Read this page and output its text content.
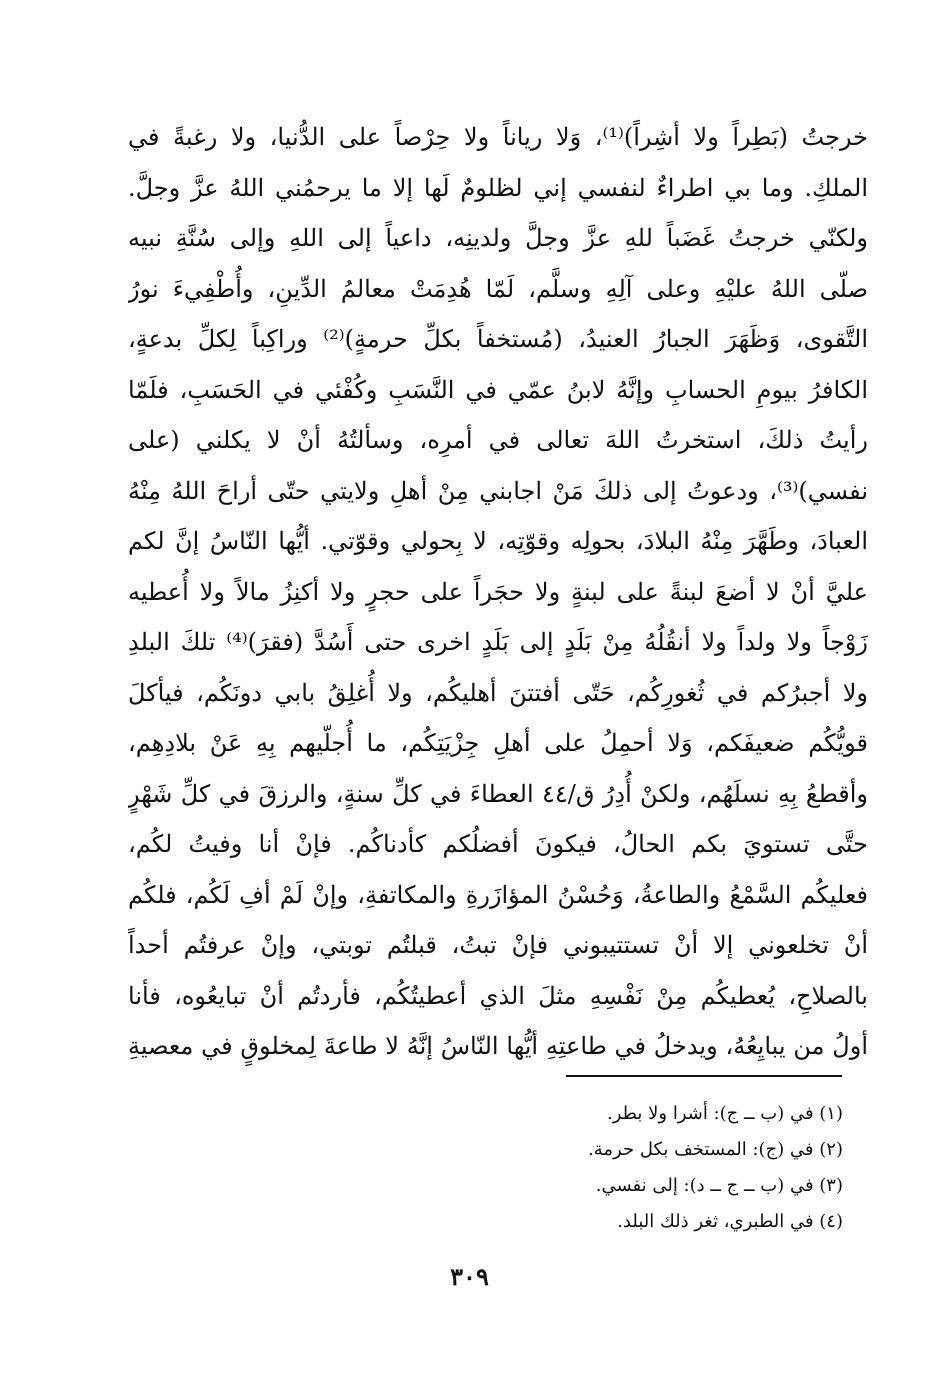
خرجتُ (بَطِراً ولا أشِراً)⁽¹⁾، وَلا رياناً ولا حِرْصاً على الدُّنيا، ولا رغبةً في
الملكِ. وما بي اطراءٌ لنفسي إني لظلومٌ لَها إلا ما يرحمُني اللهُ عزَّ وجلَّ.
ولكنّي خرجتُ غَضَباً للهِ عزَّ وجلَّ ولدينِه، داعياً إلى اللهِ وإلى سُنَّةِ نبيه
صلّى اللهُ عليْهِ وعلى آلِهِ وسلَّم، لَمّا هُدِمَتْ معالمُ الدِّينِ، وأُطْفِيءَ نورُ
التَّقوى، وَظَهَرَ الجبارُ العنيدُ، (مُستخفاً بكلِّ حرمةٍ)⁽²⁾ وراكِباً لِكلِّ بدعةٍ،
الكافرُ بيومِ الحسابِ وإنَّهُ لابنُ عمّي في النَّسَبِ وكُفْئي في الحَسَبِ، فلَمّا
رأيتُ ذلكَ، استخرتُ اللهَ تعالى في أمرِه، وسألتُهُ أنْ لا يكلني (على
نفسي)⁽³⁾، ودعوتُ إلى ذلكَ مَنْ اجابني مِنْ أهلِ ولايتي حتّى أراحَ اللهُ مِنْهُ
العبادَ، وطَهَّرَ مِنْهُ البلادَ، بحولِه وقوّتِه، لا بِحولي وقوّتي. أيُّها النّاسُ إنَّ لكم
عليَّ أنْ لا أضعَ لبنةً على لبنةٍ ولا حجَراً على حجرٍ ولا أكنِزُ مالاً ولا أُعطيه
زَوْجاً ولا ولداً ولا أنقُلُهُ مِنْ بَلَدٍ إلى بَلَدٍ اخرى حتى أَسُدَّ (فقرَ)⁽⁴⁾ تلكَ البلدِ
ولا أجبرُكم في ثُغورِكُم، حَتّى أفتتنَ أهليكُم، ولا أُغلِقُ بابي دونَكُم، فيأكلَ
قويُّكُم ضعيفَكم، وَلا أحمِلُ على أهلِ جِزْيَتِكُم، ما أُجلّيهم بِهِ عَنْ بلادِهِم،
وأقطعُ بِهِ نسلَهُم، ولكنْ أُدِرُ ق/٤٤ العطاءَ في كلِّ سنةٍ، والرزقَ في كلِّ شَهْرٍ
حتَّى تستويَ بكم الحالُ، فيكونَ أفضلُكم كأدناكُم. فإنْ أنا وفيتُ لكُم،
فعليكُم السَّمْعُ والطاعةُ، وَحُسْنُ المؤازَرةِ والمكاتفةِ، وإنْ لَمْ أفِ لَكُم، فلكُم
أنْ تخلعوني إلا أنْ تستتيبوني فإنْ تبتُ، قبلتُم توبتي، وإنْ عرفتُم أحداً
بالصلاحِ، يُعطيكُم مِنْ نَفْسِهِ مثلَ الذي أعطيتُكُم، فأردتُم أنْ تبايعُوه، فأنا
أولُ من يبايِعُهُ، ويدخلُ في طاعتِهِ أيُّها النّاسُ إنَّهُ لا طاعةَ لِمخلوقٍ في معصيةِ
(١) في (ب ــ ج): أشرا ولا بطر.
(٢) في (ج): المستخف بكل حرمة.
(٣) في (ب ــ ج ــ د): إلى نفسي.
(٤) في الطبري، ثغر ذلك البلد.
٣٠٩
